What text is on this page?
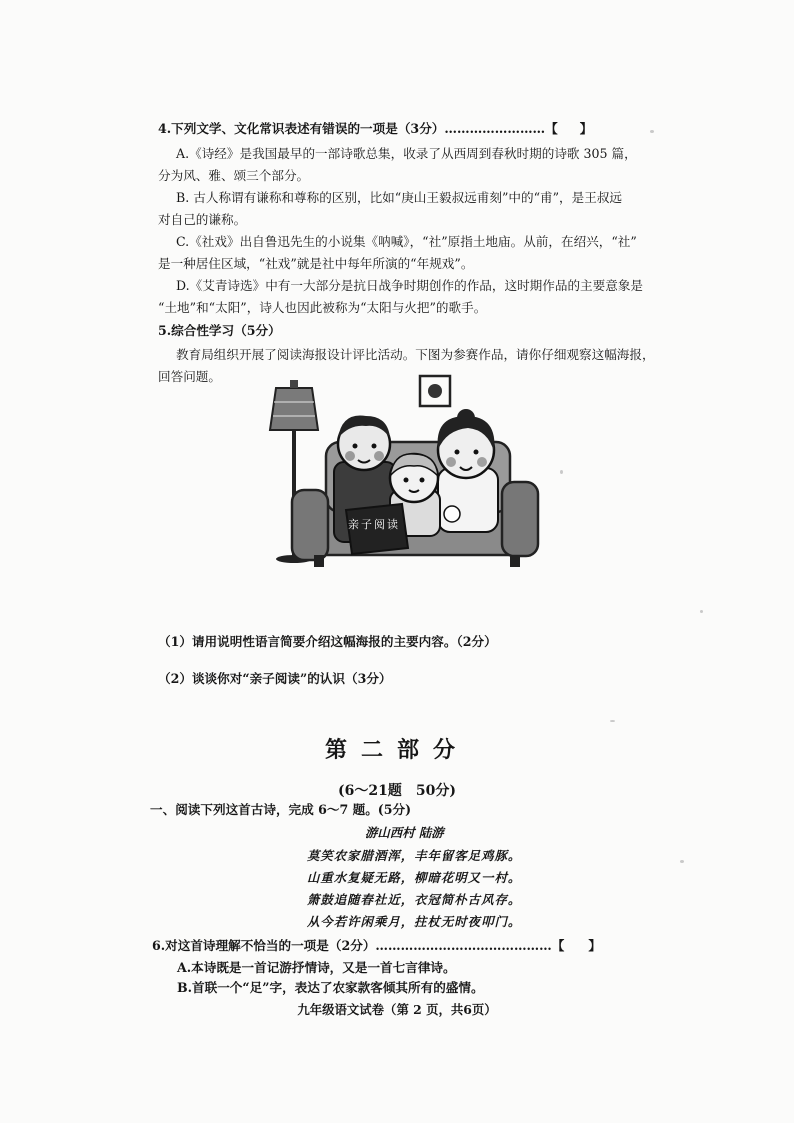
4.下列文学、文化常识表述有错误的一项是（3分）……………………【 】
A.《诗经》是我国最早的一部诗歌总集，收录了从西周到春秋时期的诗歌 305 篇，
分为风、雅、颂三个部分。
B. 古人称谓有谦称和尊称的区别，比如“庚山王毅叔远甫刻”中的“甫”，是王叔远
对自己的谦称。
C.《社戏》出自鲁迅先生的小说集《呐喊》，“社”原指土地庙。从前，在绍兴，“社”
是一种居住区域，“社戏”就是社中每年所演的“年规戏”。
D.《艾青诗选》中有一大部分是抗日战争时期创作的作品，这时期作品的主要意象是
“土地”和“太阳”，诗人也因此被称为“太阳与火把”的歌手。
5.综合性学习（5分）
教育局组织开展了阅读海报设计评比活动。下图为参赛作品，请你仔细观察这幅海报，
回答问题。
亲子阅读
（1）请用说明性语言简要介绍这幅海报的主要内容。（2分）
（2）谈谈你对“亲子阅读”的认识（3分）
第二部分
(6～21题　50分)
一、阅读下列这首古诗，完成 6～7 题。(5分)
游山西村 陆游
莫笑农家腊酒浑，丰年留客足鸡豚。
山重水复疑无路，柳暗花明又一村。
箫鼓追随春社近，衣冠简朴古风存。
从今若许闲乘月，拄杖无时夜叩门。
6.对这首诗理解不恰当的一项是（2分）……………………………………【 】
A.本诗既是一首记游抒情诗，又是一首七言律诗。
B.首联一个“足”字，表达了农家款客倾其所有的盛情。
九年级语文试卷（第 2 页，共6页）
